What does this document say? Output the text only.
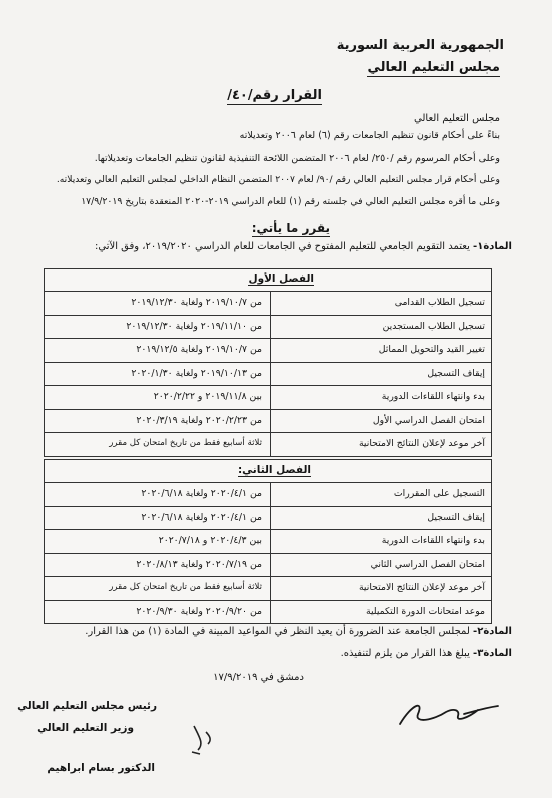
الجمهورية العربية السورية
مجلس التعليم العالي
القرار رقم/٤٠/
مجلس التعليم العالي
بناءً على أحكام قانون تنظيم الجامعات رقم (٦) لعام ٢٠٠٦ وتعديلاته
وعلى أحكام المرسوم رقم /٢٥٠/ لعام ٢٠٠٦ المتضمن اللائحة التنفيذية لقانون تنظيم الجامعات وتعديلاتها.
وعلى أحكام قرار مجلس التعليم العالي رقم /٩٠/ لعام ٢٠٠٧ المتضمن النظام الداخلي لمجلس التعليم العالي وتعديلاته.
وعلى ما أقره مجلس التعليم العالي في جلسته رقم (١) للعام الدراسي ٢٠١٩-٢٠٢٠ المنعقدة بتاريخ ١٧/٩/٢٠١٩
يقرر ما يأتي:
المادة١- يعتمد التقويم الجامعي للتعليم المفتوح في الجامعات للعام الدراسي ٢٠١٩/٢٠٢٠، وفق الآتي:
الفصل الأول
تسجيل الطلاب القدامى
من ٢٠١٩/١٠/٧ ولغاية ٢٠١٩/١٢/٣٠
تسجيل الطلاب المستجدين
من ٢٠١٩/١١/١٠ ولغاية ٢٠١٩/١٢/٣٠
تغيير القيد والتحويل المماثل
من ٢٠١٩/١٠/٧ ولغاية ٢٠١٩/١٢/٥
إيقاف التسجيل
من ٢٠١٩/١٠/١٣ ولغاية ٢٠٢٠/١/٣٠
بدء وانتهاء اللقاءات الدورية
بين ٢٠١٩/١١/٨ و ٢٠٢٠/٢/٢٢
امتحان الفصل الدراسي الأول
من ٢٠٢٠/٢/٢٣ ولغاية ٢٠٢٠/٣/١٩
آخر موعد لإعلان النتائج الامتحانية
ثلاثة أسابيع فقط من تاريخ امتحان كل مقرر
الفصل الثاني:
التسجيل على المقررات
من ٢٠٢٠/٤/١ ولغاية ٢٠٢٠/٦/١٨
إيقاف التسجيل
من ٢٠٢٠/٤/١ ولغاية ٢٠٢٠/٦/١٨
بدء وانتهاء اللقاءات الدورية
بين ٢٠٢٠/٤/٣ و ٢٠٢٠/٧/١٨
امتحان الفصل الدراسي الثاني
من ٢٠٢٠/٧/١٩ ولغاية ٢٠٢٠/٨/١٣
آخر موعد لإعلان النتائج الامتحانية
ثلاثة أسابيع فقط من تاريخ امتحان كل مقرر
موعد امتحانات الدورة التكميلية
من ٢٠٢٠/٩/٢٠ ولغاية ٢٠٢٠/٩/٣٠
المادة٢- لمجلس الجامعة عند الضرورة أن يعيد النظر في المواعيد المبينة في المادة (١) من هذا القرار.
المادة٣- يبلغ هذا القرار من يلزم لتنفيذه.
دمشق في ١٧/٩/٢٠١٩
رئيس مجلس التعليم العالي
وزير التعليم العالي
الدكتور بسام ابراهيم
